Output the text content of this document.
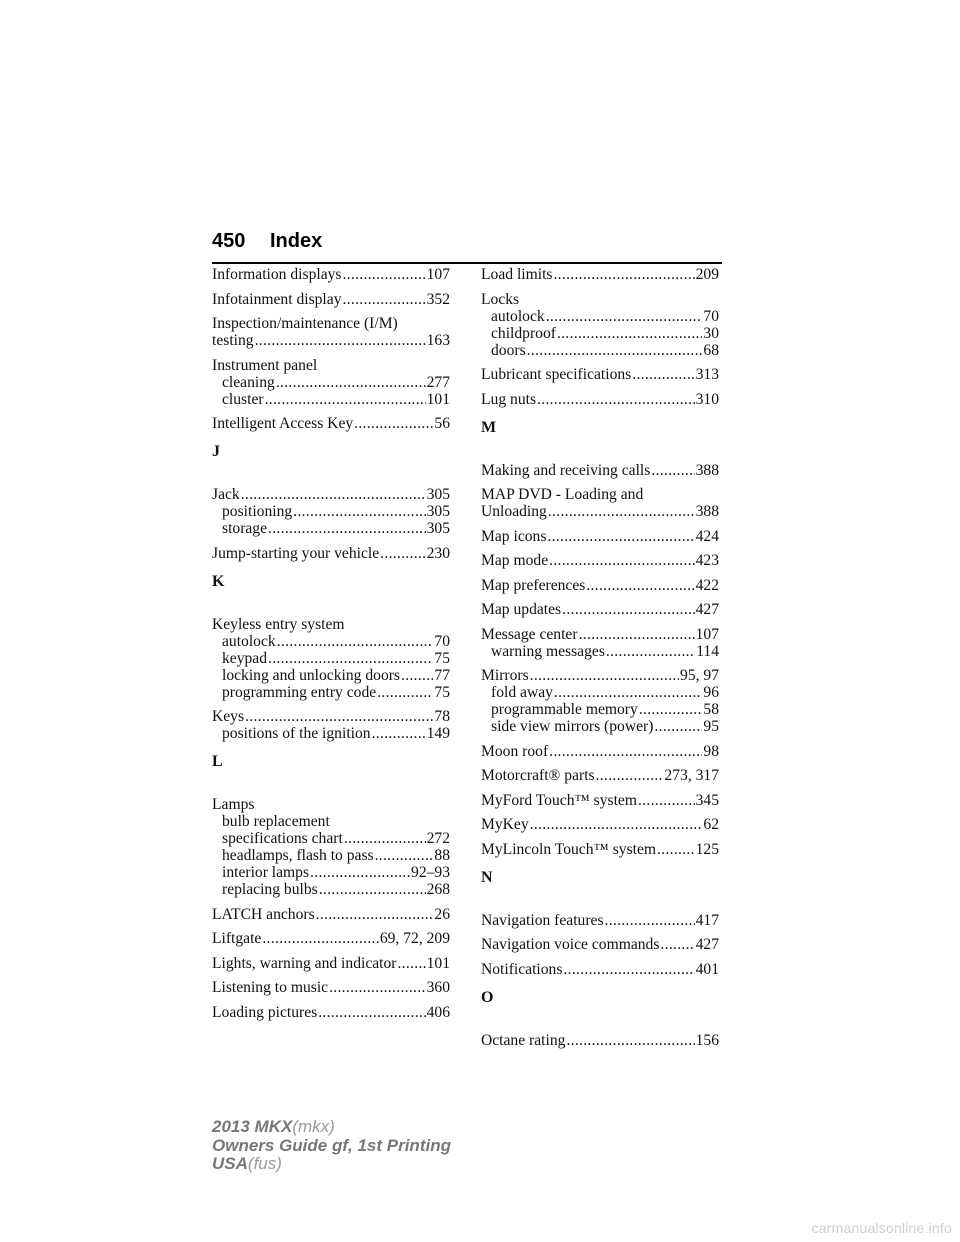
450 Index
Information displays .....	107
Infotainment display .....	352
Inspection/maintenance (I/M)
testing .....	163
Instrument panel
cleaning .....	277
cluster .....	101
Intelligent Access Key .....	56
J
Jack .....	305
positioning .....	305
storage .....	305
Jump-starting your vehicle .....	230
K
Keyless entry system
autolock .....	70
keypad .....	75
locking and unlocking doors ..... 77
programming entry code .....	75
Keys .....	78
positions of the ignition .....	149
L
Lamps
bulb replacement
specifications chart .....	272
headlamps, flash to pass .....	88
interior lamps .....	92–93
replacing bulbs .....	268
LATCH anchors .....	26
Liftgate .....	69, 72, 209
Lights, warning and indicator ..... 101
Listening to music .....	360
Loading pictures .....	406
Load limits .....	209
Locks
autolock .....	70
childproof .....	30
doors .....	68
Lubricant specifications .....	313
Lug nuts .....	310
M
Making and receiving calls .....	388
MAP DVD - Loading and
Unloading .....	388
Map icons .....	424
Map mode .....	423
Map preferences .....	422
Map updates .....	427
Message center .....	107
warning messages .....	114
Mirrors .....	95, 97
fold away .....	96
programmable memory .....	58
side view mirrors (power) .....	95
Moon roof .....	98
Motorcraft® parts .....	273, 317
MyFord Touch™ system .....	345
MyKey .....	62
MyLincoln Touch™ system .....	125
N
Navigation features .....	417
Navigation voice commands ..... 427
Notifications .....	401
O
Octane rating .....	156
2013 MKX(mkx)
Owners Guide gf, 1st Printing
USA(fus)
carmanualsonline.info
